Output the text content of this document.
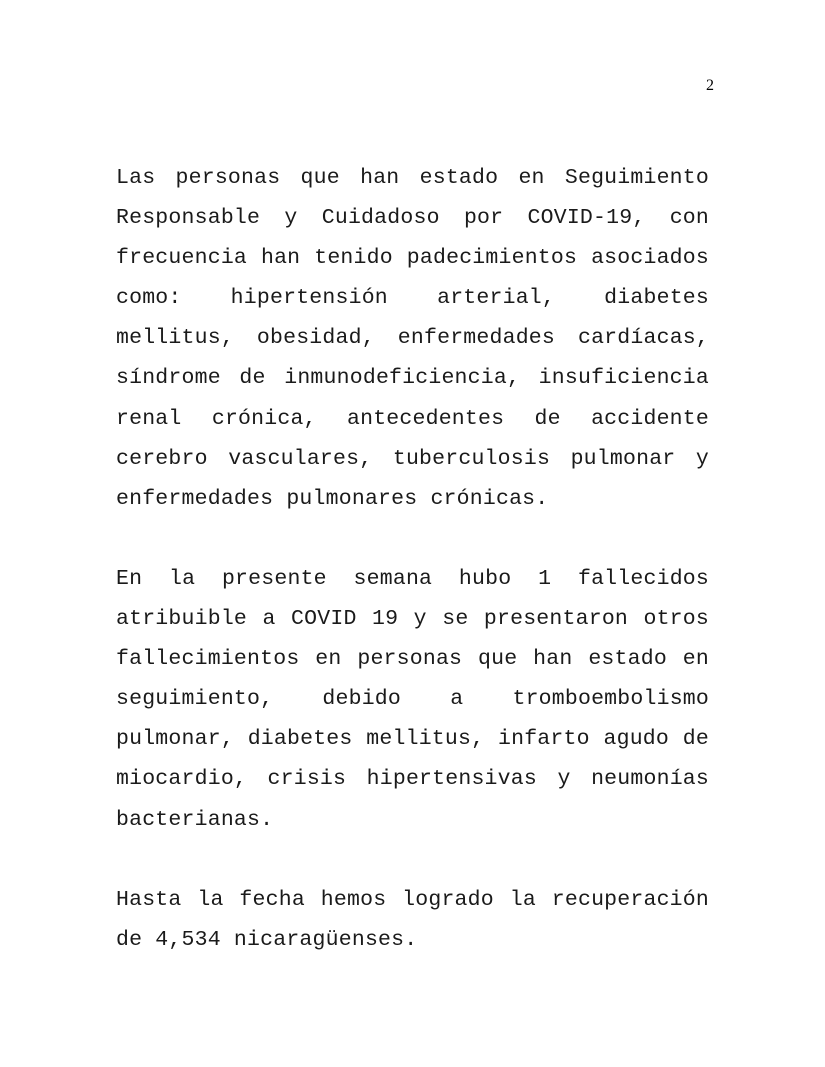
2

Las personas que han estado en Seguimiento Responsable y Cuidadoso por COVID-19, con frecuencia han tenido padecimientos asociados como: hipertensión arterial, diabetes mellitus, obesidad, enfermedades cardíacas, síndrome de inmunodeficiencia, insuficiencia renal crónica, antecedentes de accidente cerebro vasculares, tuberculosis pulmonar y enfermedades pulmonares crónicas.

En la presente semana hubo 1 fallecidos atribuible a COVID 19 y se presentaron otros fallecimientos en personas que han estado en seguimiento, debido a tromboembolismo pulmonar, diabetes mellitus, infarto agudo de miocardio, crisis hipertensivas y neumonías bacterianas.

Hasta la fecha hemos logrado la recuperación de 4,534 nicaragüenses.
